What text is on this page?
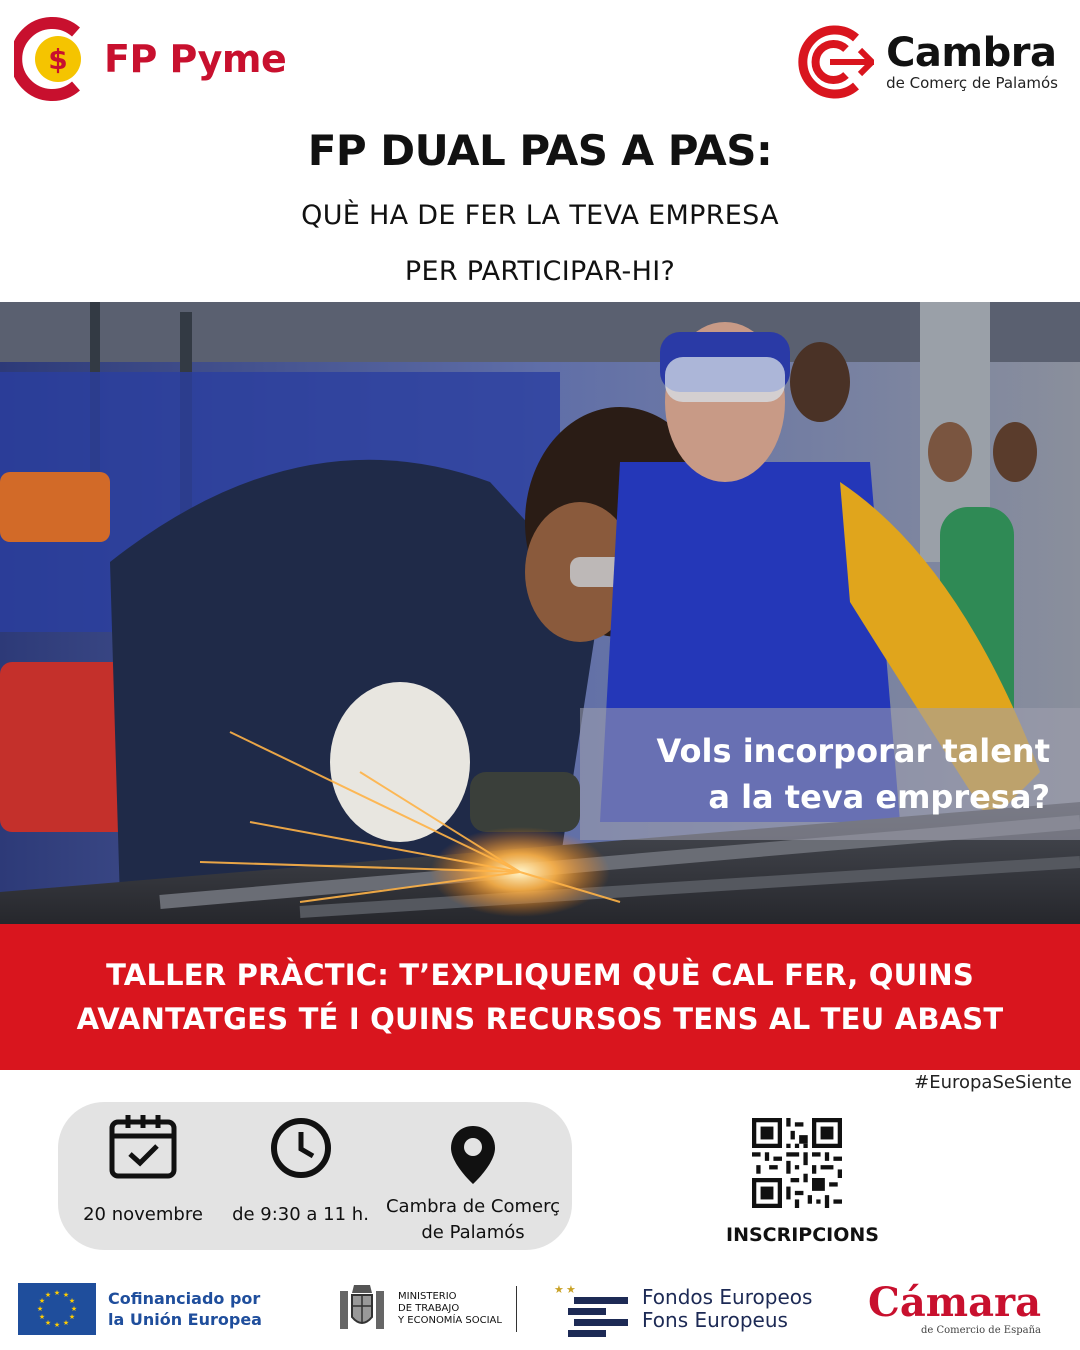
$ FP Pyme	Cambra
de Comerç de Palamós
FP DUAL PAS A PAS:
QUÈ HA DE FER LA TEVA EMPRESA
PER PARTICIPAR-HI?
Vols incorporar talent
a la teva empresa?
TALLER PRÀCTIC: T’EXPLIQUEM QUÈ CAL FER, QUINS
AVANTATGES TÉ I QUINS RECURSOS TENS AL TEU ABAST
#EuropaSeSiente
20 novembre de 9:30 a 11 h. Cambra de Comerç
de Palamós	INSCRIPCIONS
★ ★
★
★
★
★
★
★
★
★
★
★	Cofinanciado por
la Unión Europea
MINISTERIO
DE TRABAJO
Y ECONOMÍA SOCIAL
★ ★	Fondos Europeos
Fons Europeus	Cámara
de Comercio de España
